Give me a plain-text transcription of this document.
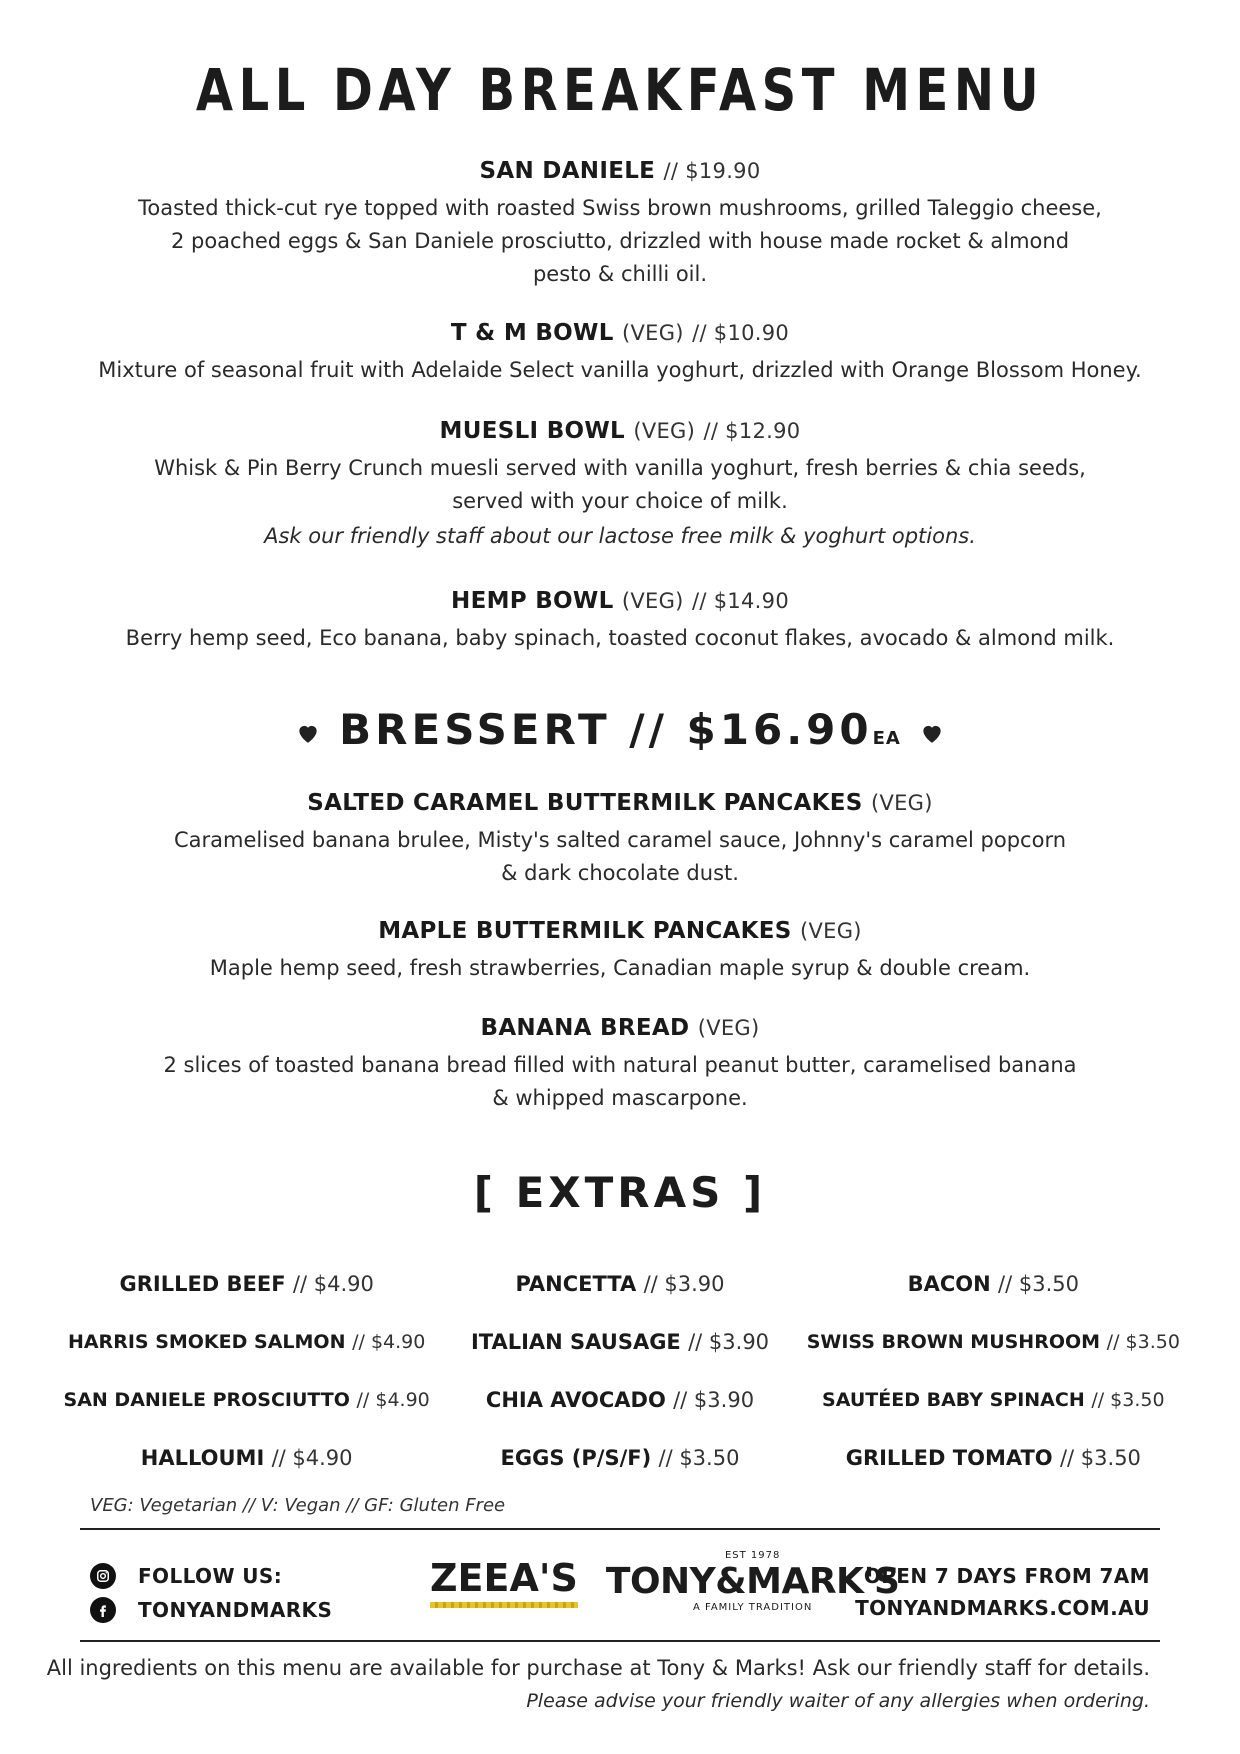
ALL DAY BREAKFAST MENU
SAN DANIELE // $19.90
Toasted thick-cut rye topped with roasted Swiss brown mushrooms, grilled Taleggio cheese,
2 poached eggs & San Daniele prosciutto, drizzled with house made rocket & almond
pesto & chilli oil.
T & M BOWL (VEG) // $10.90
Mixture of seasonal fruit with Adelaide Select vanilla yoghurt, drizzled with Orange Blossom Honey.
MUESLI BOWL (VEG) // $12.90
Whisk & Pin Berry Crunch muesli served with vanilla yoghurt, fresh berries & chia seeds,
served with your choice of milk.
Ask our friendly staff about our lactose free milk & yoghurt options.
HEMP BOWL (VEG) // $14.90
Berry hemp seed, Eco banana, baby spinach, toasted coconut flakes, avocado & almond milk.
BRESSERT // $16.90EA
SALTED CARAMEL BUTTERMILK PANCAKES (VEG)
Caramelised banana brulee, Misty's salted caramel sauce, Johnny's caramel popcorn
& dark chocolate dust.
MAPLE BUTTERMILK PANCAKES (VEG)
Maple hemp seed, fresh strawberries, Canadian maple syrup & double cream.
BANANA BREAD (VEG)
2 slices of toasted banana bread filled with natural peanut butter, caramelised banana
& whipped mascarpone.
[ EXTRAS ]
GRILLED BEEF // $4.90	PANCETTA // $3.90	BACON // $3.50
HARRIS SMOKED SALMON // $4.90	ITALIAN SAUSAGE // $3.90	SWISS BROWN MUSHROOM // $3.50
SAN DANIELE PROSCIUTTO // $4.90	CHIA AVOCADO // $3.90	SAUTÉED BABY SPINACH // $3.50
HALLOUMI // $4.90	EGGS (P/S/F) // $3.50	GRILLED TOMATO // $3.50
VEG: Vegetarian // V: Vegan // GF: Gluten Free
FOLLOW US:
TONYANDMARKS
ZEEA'S	EST 1978
TONY&MARK'S
A FAMILY TRADITION
OPEN 7 DAYS FROM 7AM
TONYANDMARKS.COM.AU
All ingredients on this menu are available for purchase at Tony & Marks! Ask our friendly staff for details.
Please advise your friendly waiter of any allergies when ordering.
